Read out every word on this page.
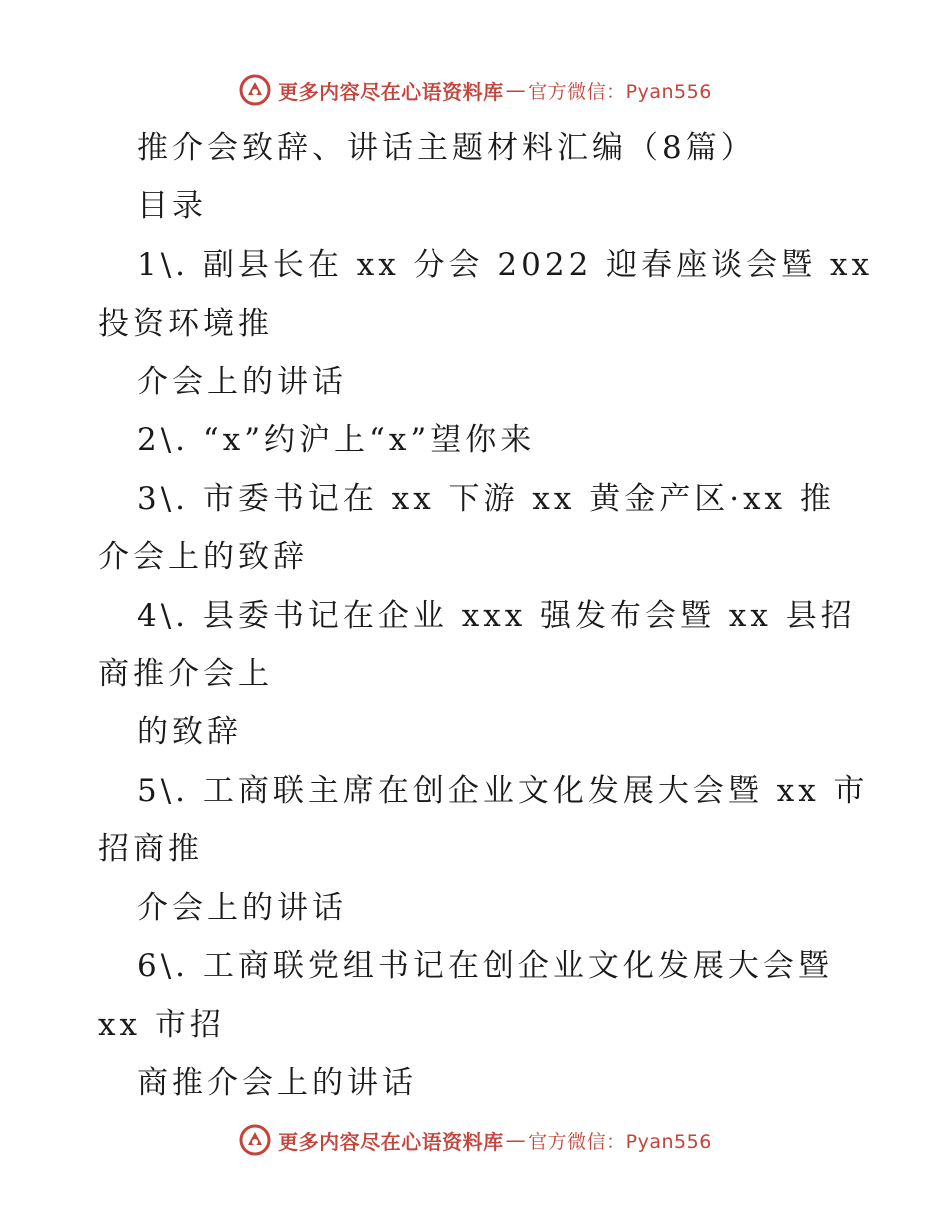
更多内容尽在心语资料库 — 官方微信：Pyan556
推介会致辞、讲话主题材料汇编（8篇）
目录
1\. 副县长在 xx 分会 2022 迎春座谈会暨 xx
投资环境推
介会上的讲话
2\. “x”约沪上“x”望你来
3\. 市委书记在 xx 下游 xx 黄金产区·xx 推
介会上的致辞
4\. 县委书记在企业 xxx 强发布会暨 xx 县招
商推介会上
的致辞
5\. 工商联主席在创企业文化发展大会暨 xx 市
招商推
介会上的讲话
6\. 工商联党组书记在创企业文化发展大会暨
xx 市招
商推介会上的讲话
更多内容尽在心语资料库 — 官方微信：Pyan556
